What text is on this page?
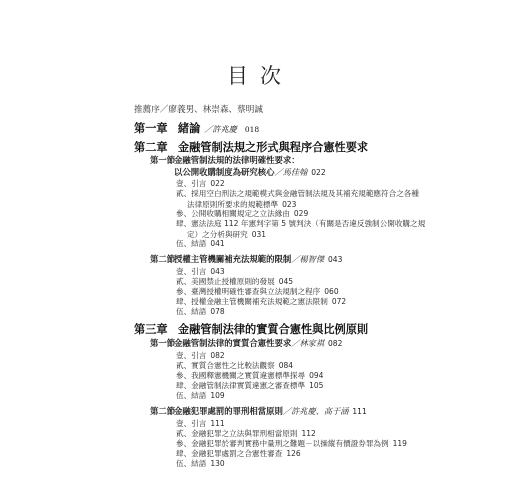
目次
推薦序／廖義男、林崇森、蔡明誠
第一章 緒論 ／許兆慶 018
第二章 金融管制法規之形式與程序合憲性要求
第一節金融管制法規的法律明確性要求：
以公開收購制度為研究核心／馬佳翰 022
壹、引言 022
貳、採用空白刑法之規範模式與金融管制法規及其補充規範應符合之各種
法律原則所要求的規範標準 023
參、公開收購相關規定之立法緣由 029
肆、憲法法庭 112 年憲判字第 5 號判決（有關是否違反強制公開收購之規
定）之分析與研究 031
伍、結語 041
第二節授權主管機關補充法規範的限制／楊智傑 043
壹、引言 043
貳、美國禁止授權原則的發展 045
參、臺灣授權明確性審查與立法規制之程序 060
肆、授權金融主管機關補充法規範之憲法限制 072
伍、結語 078
第三章 金融管制法律的實質合憲性與比例原則
第一節金融管制法律的實質合憲性要求／林家祺 082
壹、引言 082
貳、實質合憲性之比較法觀察 084
參、我國釋憲機關之實質違憲標準探尋 094
肆、金融管制法律實質違憲之審查標準 105
伍、結語 109
第二節金融犯罪處罰的罪刑相當原則／許兆慶、高于涵 111
壹、引言 111
貳、金融犯罪之立法與罪刑相當原則 112
參、金融犯罪於審判實務中量刑之難題－以操縱有價證券罪為例 119
肆、金融犯罪處罰之合憲性審查 126
伍、結語 130
